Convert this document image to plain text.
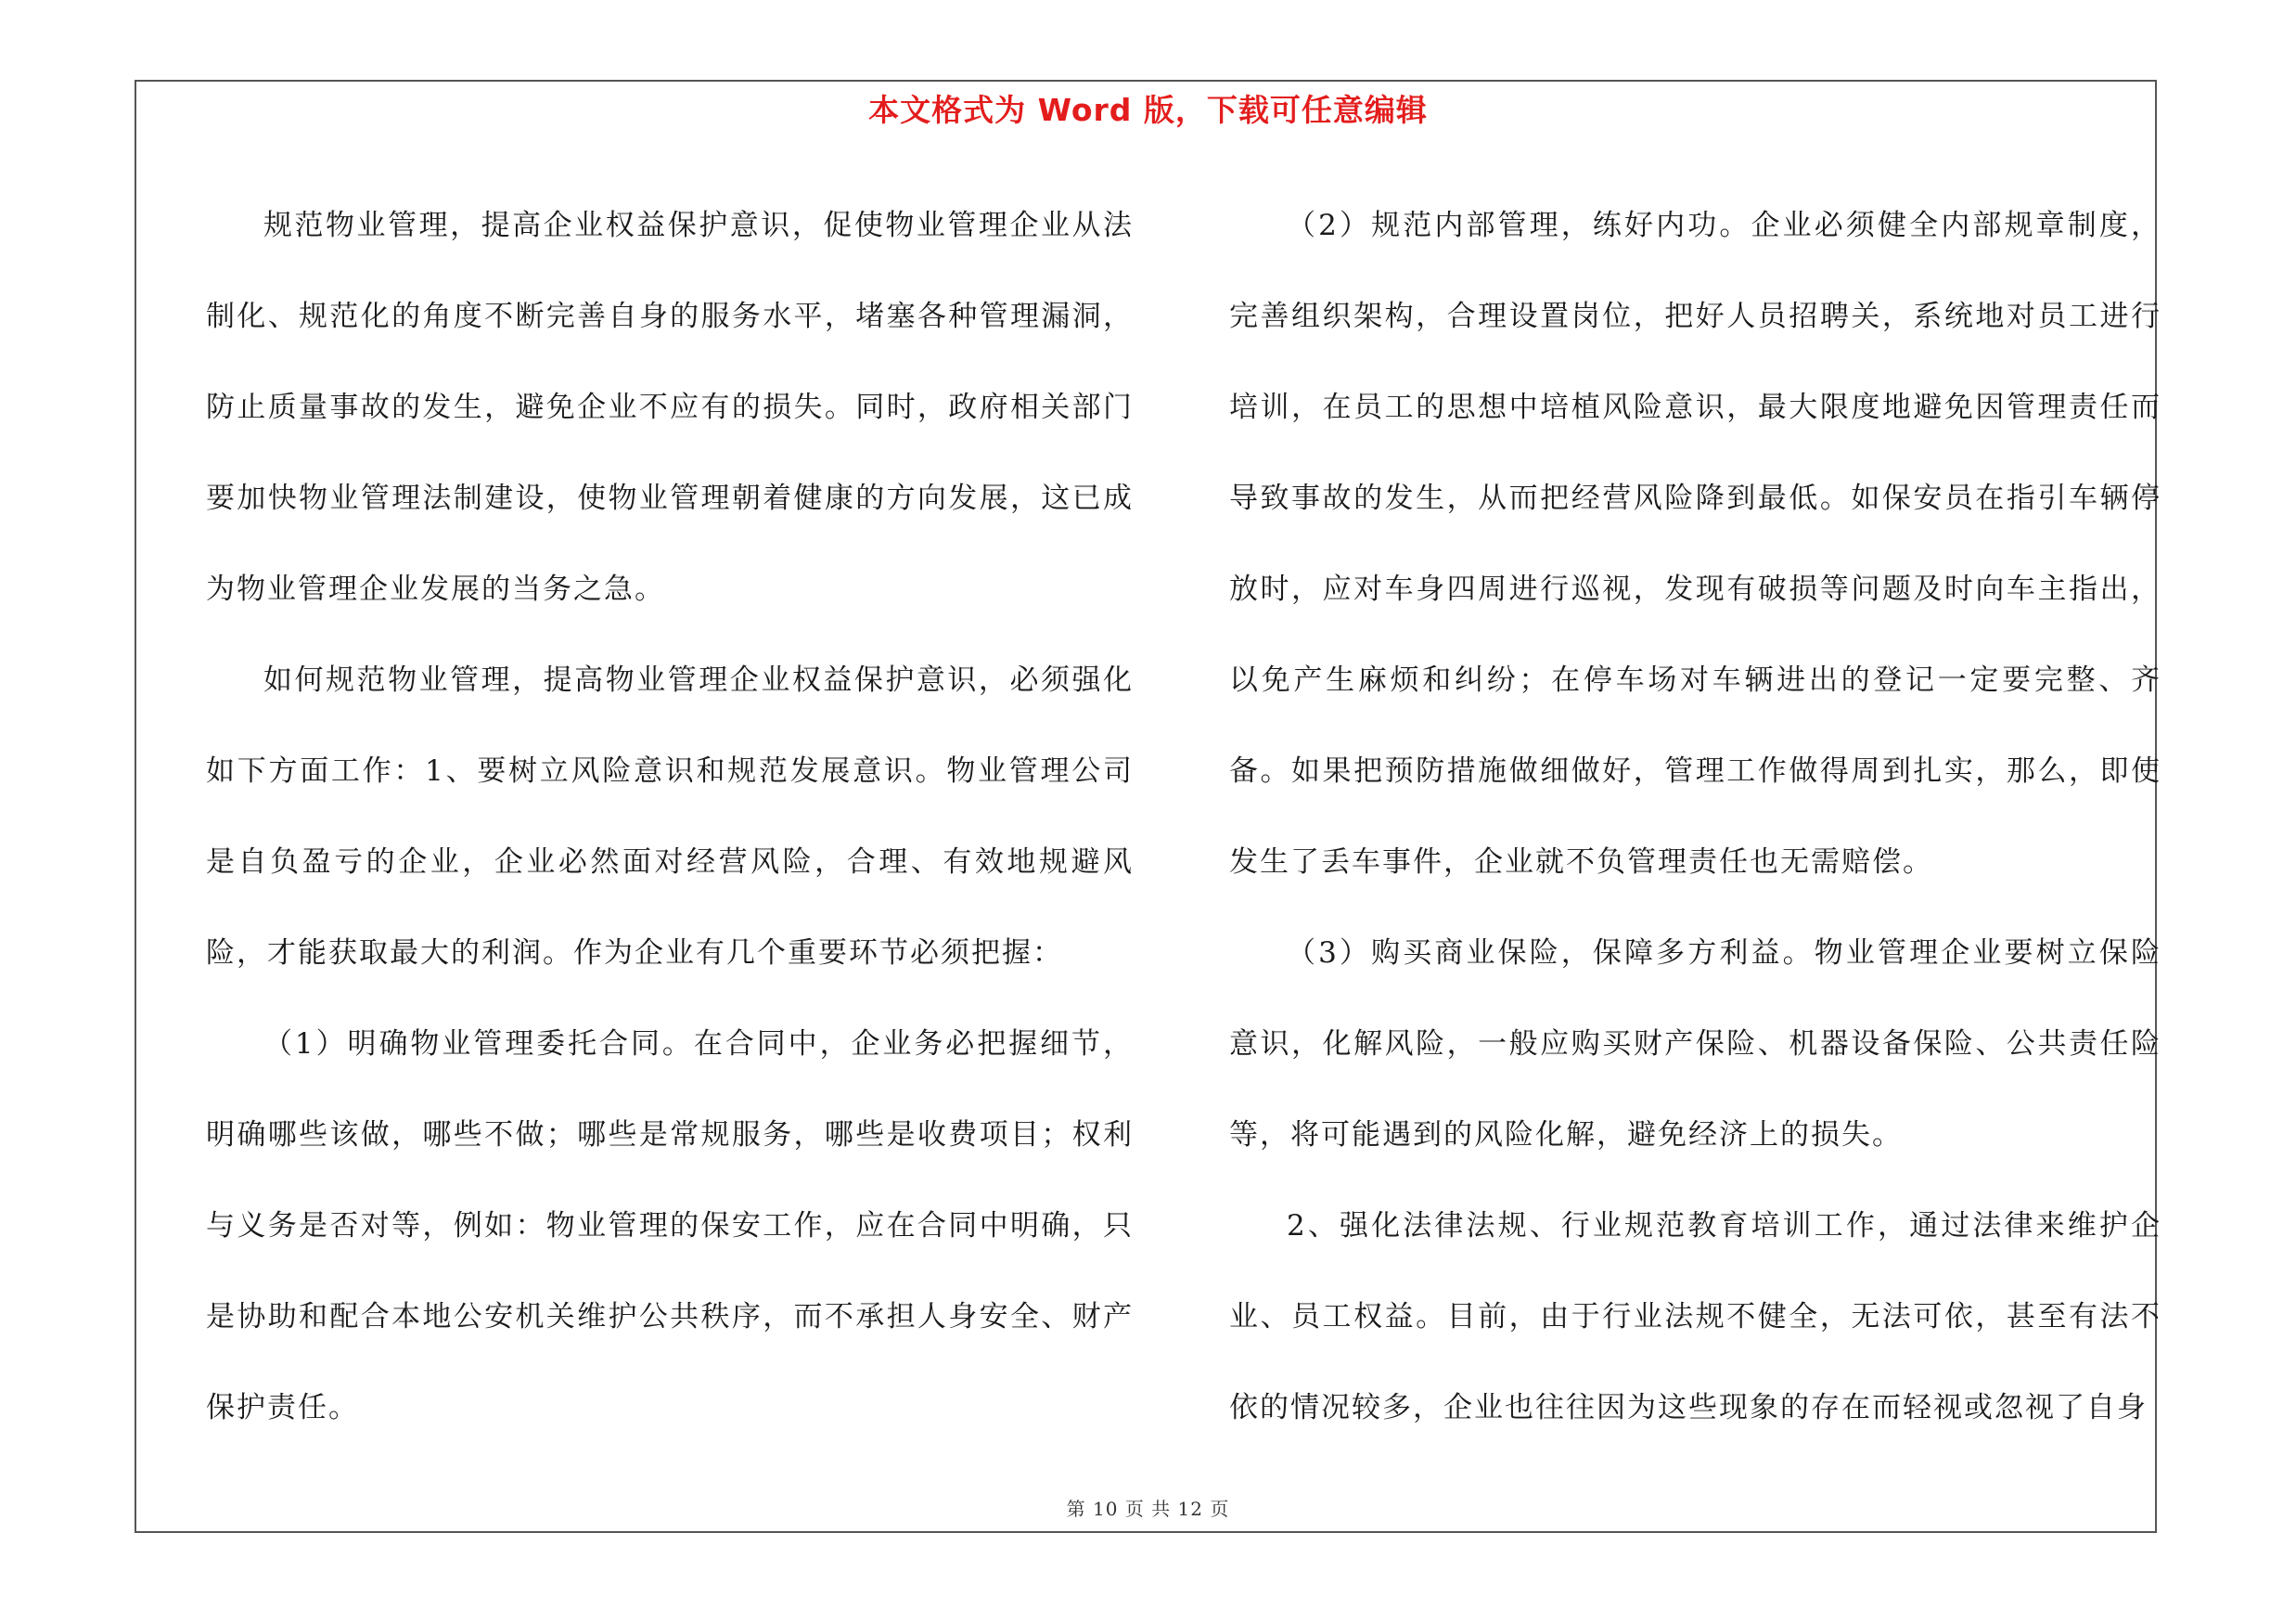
本文格式为 Word 版，下载可任意编辑

规范物业管理，提高企业权益保护意识，促使物业管理企业从法制化、规范化的角度不断完善自身的服务水平，堵塞各种管理漏洞，防止质量事故的发生，避免企业不应有的损失。同时，政府相关部门要加快物业管理法制建设，使物业管理朝着健康的方向发展，这已成为物业管理企业发展的当务之急。

如何规范物业管理，提高物业管理企业权益保护意识，必须强化如下方面工作：1、要树立风险意识和规范发展意识。物业管理公司是自负盈亏的企业，企业必然面对经营风险，合理、有效地规避风险，才能获取最大的利润。作为企业有几个重要环节必须把握：

（1）明确物业管理委托合同。在合同中，企业务必把握细节，明确哪些该做，哪些不做；哪些是常规服务，哪些是收费项目；权利与义务是否对等，例如：物业管理的保安工作，应在合同中明确，只是协助和配合本地公安机关维护公共秩序，而不承担人身安全、财产保护责任。

（2）规范内部管理，练好内功。企业必须健全内部规章制度，完善组织架构，合理设置岗位，把好人员招聘关，系统地对员工进行培训，在员工的思想中培植风险意识，最大限度地避免因管理责任而导致事故的发生，从而把经营风险降到最低。如保安员在指引车辆停放时，应对车身四周进行巡视，发现有破损等问题及时向车主指出，以免产生麻烦和纠纷；在停车场对车辆进出的登记一定要完整、齐备。如果把预防措施做细做好，管理工作做得周到扎实，那么，即使发生了丢车事件，企业就不负管理责任也无需赔偿。

（3）购买商业保险，保障多方利益。物业管理企业要树立保险意识，化解风险，一般应购买财产保险、机器设备保险、公共责任险等，将可能遇到的风险化解，避免经济上的损失。

2、强化法律法规、行业规范教育培训工作，通过法律来维护企业、员工权益。目前，由于行业法规不健全，无法可依，甚至有法不依的情况较多，企业也往往因为这些现象的存在而轻视或忽视了自身

第 10 页 共 12 页
